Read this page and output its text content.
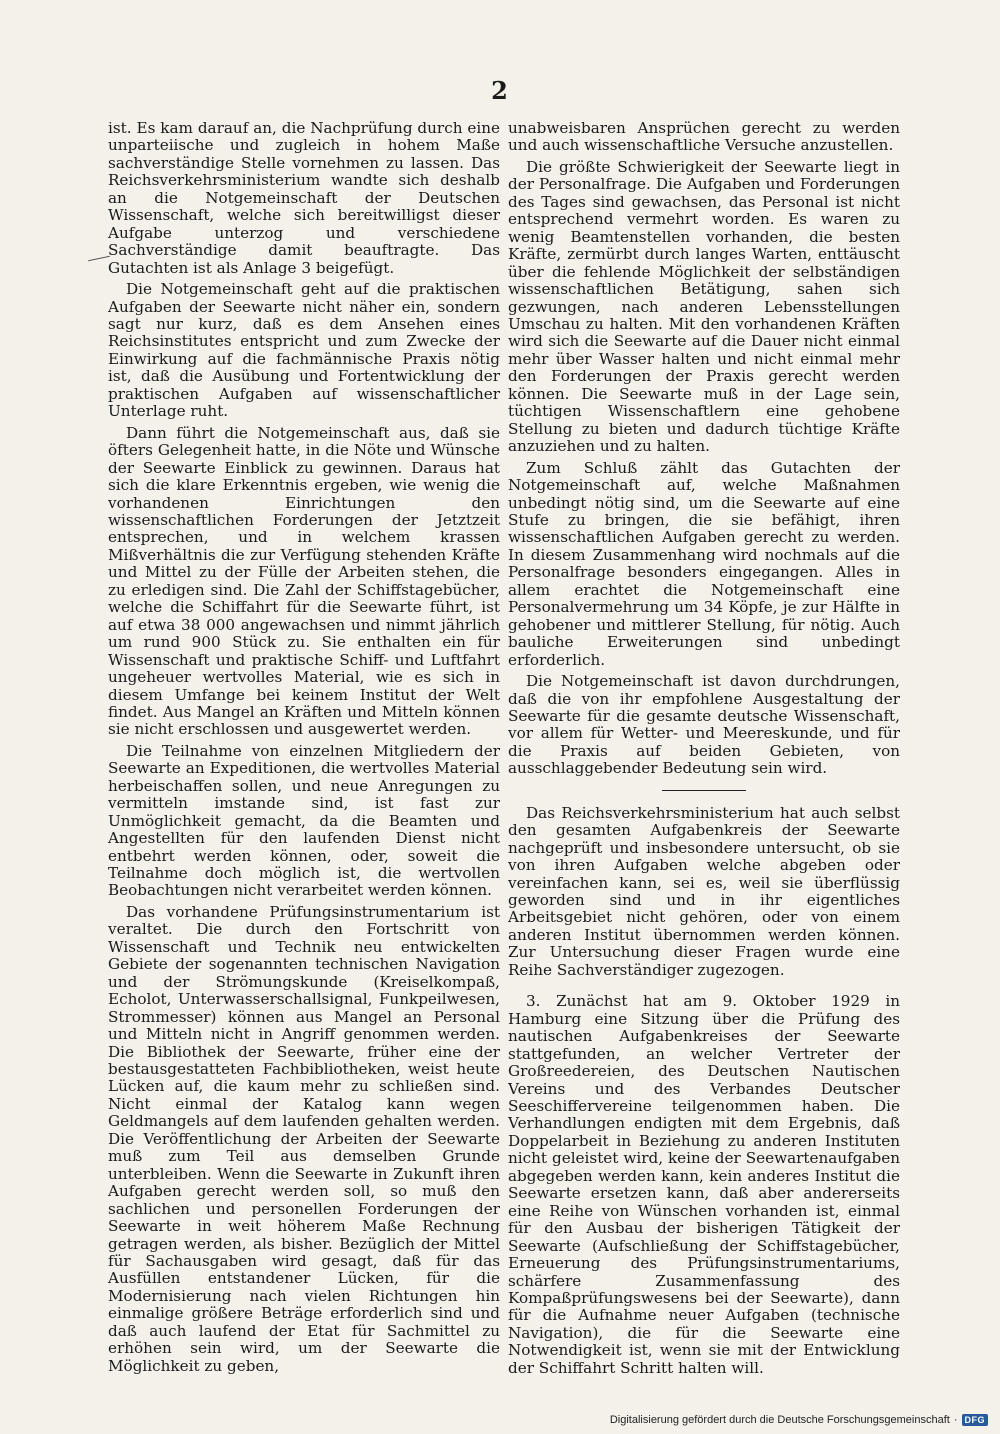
2

ist. Es kam darauf an, die Nachprüfung durch eine unparteiische und zugleich in hohem Maße sachverständige Stelle vornehmen zu lassen. Das Reichsverkehrsministerium wandte sich deshalb an die Notgemeinschaft der Deutschen Wissenschaft, welche sich bereitwilligst dieser Aufgabe unterzog und verschiedene Sachverständige damit beauftragte. Das Gutachten ist als Anlage 3 beigefügt.

Die Notgemeinschaft geht auf die praktischen Aufgaben der Seewarte nicht näher ein, sondern sagt nur kurz, daß es dem Ansehen eines Reichsinstitutes entspricht und zum Zwecke der Einwirkung auf die fachmännische Praxis nötig ist, daß die Ausübung und Fortentwicklung der praktischen Aufgaben auf wissenschaftlicher Unterlage ruht.

Dann führt die Notgemeinschaft aus, daß sie öfters Gelegenheit hatte, in die Nöte und Wünsche der Seewarte Einblick zu gewinnen. Daraus hat sich die klare Erkenntnis ergeben, wie wenig die vorhandenen Einrichtungen den wissenschaftlichen Forderungen der Jetztzeit entsprechen, und in welchem krassen Mißverhältnis die zur Verfügung stehenden Kräfte und Mittel zu der Fülle der Arbeiten stehen, die zu erledigen sind. Die Zahl der Schiffstagebücher, welche die Schiffahrt für die Seewarte führt, ist auf etwa 38 000 angewachsen und nimmt jährlich um rund 900 Stück zu. Sie enthalten ein für Wissenschaft und praktische Schiff- und Luftfahrt ungeheuer wertvolles Material, wie es sich in diesem Umfange bei keinem Institut der Welt findet. Aus Mangel an Kräften und Mitteln können sie nicht erschlossen und ausgewertet werden.

Die Teilnahme von einzelnen Mitgliedern der Seewarte an Expeditionen, die wertvolles Material herbeischaffen sollen, und neue Anregungen zu vermitteln imstande sind, ist fast zur Unmöglichkeit gemacht, da die Beamten und Angestellten für den laufenden Dienst nicht entbehrt werden können, oder, soweit die Teilnahme doch möglich ist, die wertvollen Beobachtungen nicht verarbeitet werden können.

Das vorhandene Prüfungsinstrumentarium ist veraltet. Die durch den Fortschritt von Wissenschaft und Technik neu entwickelten Gebiete der sogenannten technischen Navigation und der Strömungskunde (Kreiselkompaß, Echolot, Unterwasserschallsignal, Funkpeilwesen, Strommesser) können aus Mangel an Personal und Mitteln nicht in Angriff genommen werden. Die Bibliothek der Seewarte, früher eine der bestausgestatteten Fachbibliotheken, weist heute Lücken auf, die kaum mehr zu schließen sind. Nicht einmal der Katalog kann wegen Geldmangels auf dem laufenden gehalten werden. Die Veröffentlichung der Arbeiten der Seewarte muß zum Teil aus demselben Grunde unterbleiben. Wenn die Seewarte in Zukunft ihren Aufgaben gerecht werden soll, so muß den sachlichen und personellen Forderungen der Seewarte in weit höherem Maße Rechnung getragen werden, als bisher. Bezüglich der Mittel für Sachausgaben wird gesagt, daß für das Ausfüllen entstandener Lücken, für die Modernisierung nach vielen Richtungen hin einmalige größere Beträge erforderlich sind und daß auch laufend der Etat für Sachmittel zu erhöhen sein wird, um der Seewarte die Möglichkeit zu geben,

unabweisbaren Ansprüchen gerecht zu werden und auch wissenschaftliche Versuche anzustellen.

Die größte Schwierigkeit der Seewarte liegt in der Personalfrage. Die Aufgaben und Forderungen des Tages sind gewachsen, das Personal ist nicht entsprechend vermehrt worden. Es waren zu wenig Beamtenstellen vorhanden, die besten Kräfte, zermürbt durch langes Warten, enttäuscht über die fehlende Möglichkeit der selbständigen wissenschaftlichen Betätigung, sahen sich gezwungen, nach anderen Lebensstellungen Umschau zu halten. Mit den vorhandenen Kräften wird sich die Seewarte auf die Dauer nicht einmal mehr über Wasser halten und nicht einmal mehr den Forderungen der Praxis gerecht werden können. Die Seewarte muß in der Lage sein, tüchtigen Wissenschaftlern eine gehobene Stellung zu bieten und dadurch tüchtige Kräfte anzuziehen und zu halten.

Zum Schluß zählt das Gutachten der Notgemeinschaft auf, welche Maßnahmen unbedingt nötig sind, um die Seewarte auf eine Stufe zu bringen, die sie befähigt, ihren wissenschaftlichen Aufgaben gerecht zu werden. In diesem Zusammenhang wird nochmals auf die Personalfrage besonders eingegangen. Alles in allem erachtet die Notgemeinschaft eine Personalvermehrung um 34 Köpfe, je zur Hälfte in gehobener und mittlerer Stellung, für nötig. Auch bauliche Erweiterungen sind unbedingt erforderlich.

Die Notgemeinschaft ist davon durchdrungen, daß die von ihr empfohlene Ausgestaltung der Seewarte für die gesamte deutsche Wissenschaft, vor allem für Wetter- und Meereskunde, und für die Praxis auf beiden Gebieten, von ausschlaggebender Bedeutung sein wird.

Das Reichsverkehrsministerium hat auch selbst den gesamten Aufgabenkreis der Seewarte nachgeprüft und insbesondere untersucht, ob sie von ihren Aufgaben welche abgeben oder vereinfachen kann, sei es, weil sie überflüssig geworden sind und in ihr eigentliches Arbeitsgebiet nicht gehören, oder von einem anderen Institut übernommen werden können. Zur Untersuchung dieser Fragen wurde eine Reihe Sachverständiger zugezogen.

3. Zunächst hat am 9. Oktober 1929 in Hamburg eine Sitzung über die Prüfung des nautischen Aufgabenkreises der Seewarte stattgefunden, an welcher Vertreter der Großreedereien, des Deutschen Nautischen Vereins und des Verbandes Deutscher Seeschiffervereine teilgenommen haben. Die Verhandlungen endigten mit dem Ergebnis, daß Doppelarbeit in Beziehung zu anderen Instituten nicht geleistet wird, keine der Seewartenaufgaben abgegeben werden kann, kein anderes Institut die Seewarte ersetzen kann, daß aber andererseits eine Reihe von Wünschen vorhanden ist, einmal für den Ausbau der bisherigen Tätigkeit der Seewarte (Aufschließung der Schiffstagebücher, Erneuerung des Prüfungsinstrumentariums, schärfere Zusammenfassung des Kompaßprüfungswesens bei der Seewarte), dann für die Aufnahme neuer Aufgaben (technische Navigation), die für die Seewarte eine Notwendigkeit ist, wenn sie mit der Entwicklung der Schiffahrt Schritt halten will.

Digitalisierung gefördert durch die Deutsche Forschungsgemeinschaft · DFG
